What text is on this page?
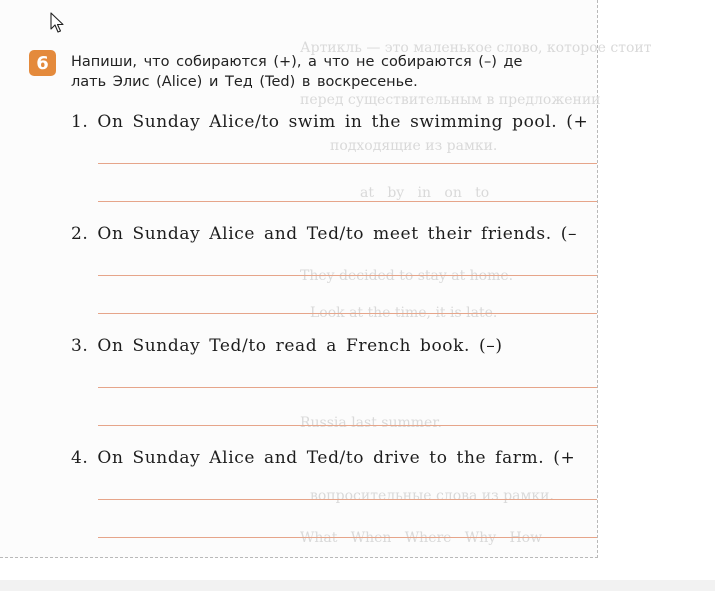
Артикль — это маленькое слово, которое стоит
перед существительным в предложении
подходящие из рамки.
at   by   in   on   to
They decided to stay at home.
Look at the time, it is late.
Russia last summer.
вопросительные слова из рамки.
What   When   Where   Why   How
6	Напиши, что собираются (+), а что не собираются (–) де
лать Элис (Alice) и Тед (Ted) в воскресенье.
1. On Sunday Alice/to swim in the swimming pool. (+
2. On Sunday Alice and Ted/to meet their friends. (–
3. On Sunday Ted/to read a French book. (–)
4. On Sunday Alice and Ted/to drive to the farm. (+
